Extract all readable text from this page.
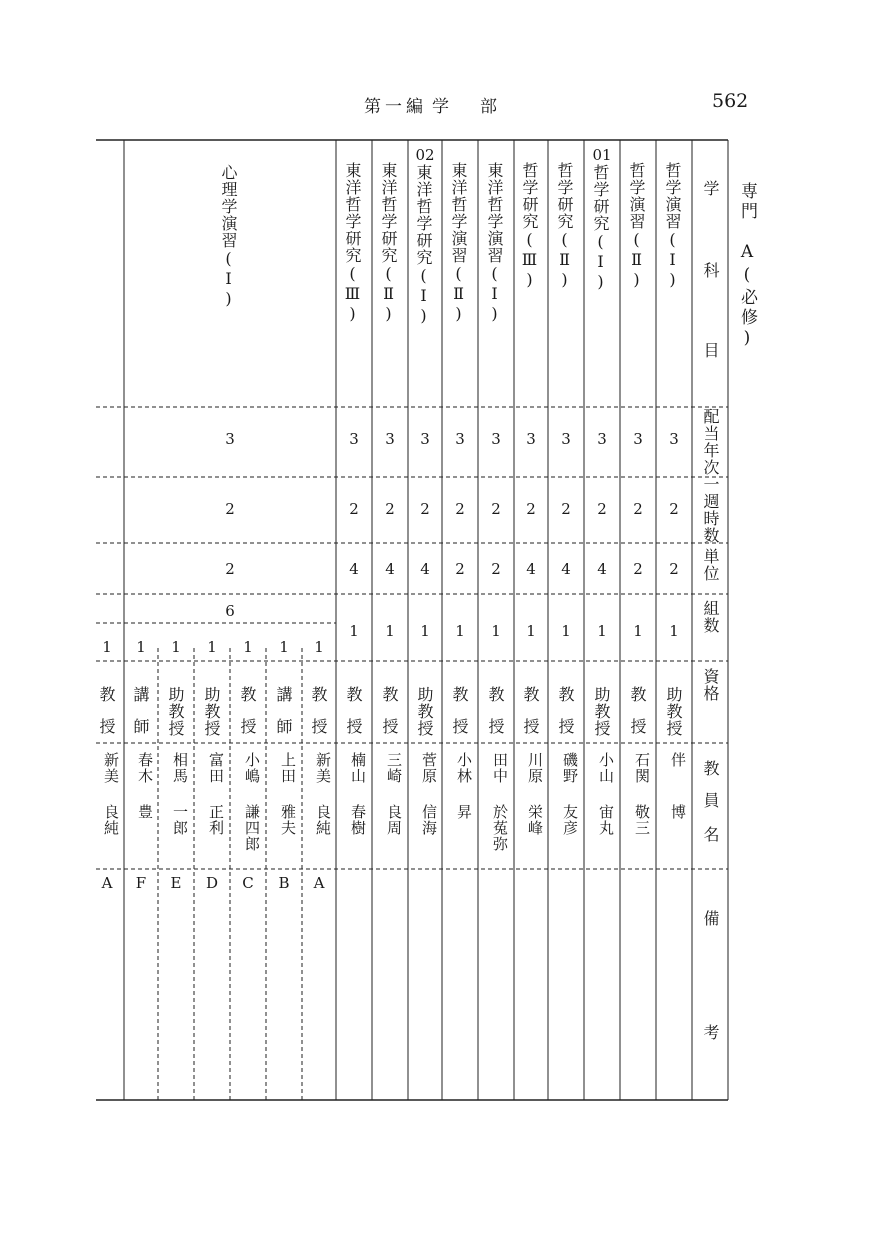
第一編 学 部	562
専門　A(必修)
学
科
目
配当年次
一週時数
単位
組数
資格
教
員
名
備
考
哲学演習(Ⅰ)
3
2
2
1
助教授
伴
博
哲学演習(Ⅱ)
3
2
2
1
教授
石関
敬三
01
哲学研究(Ⅰ)
3
2
4
1
助教授
小山
宙丸
哲学研究(Ⅱ)
3
2
4
1
教授
磯野
友彦
哲学研究(Ⅲ)
3
2
4
1
教授
川原
栄峰
東洋哲学演習(Ⅰ)
3
2
2
1
教授
田中
於菟弥
東洋哲学演習(Ⅱ)
3
2
2
1
教授
小林
昇
02
東洋哲学研究(Ⅰ)
3
2
4
1
助教授
菅原
信海
東洋哲学研究(Ⅱ)
3
2
4
1
教授
三崎
良周
東洋哲学研究(Ⅲ)
3
2
4
1
教授
楠山
春樹
心理学演習(Ⅰ)
3
2
2
6
1
教授
新美
良純
A
1
講師
上田
雅夫
B
1
教授
小嶋
謙四郎
C
1
助教授
富田
正利
D
1
助教授
相馬
一郎
E
1
講師
春木
豊
F
1
教授
新美
良純
A
